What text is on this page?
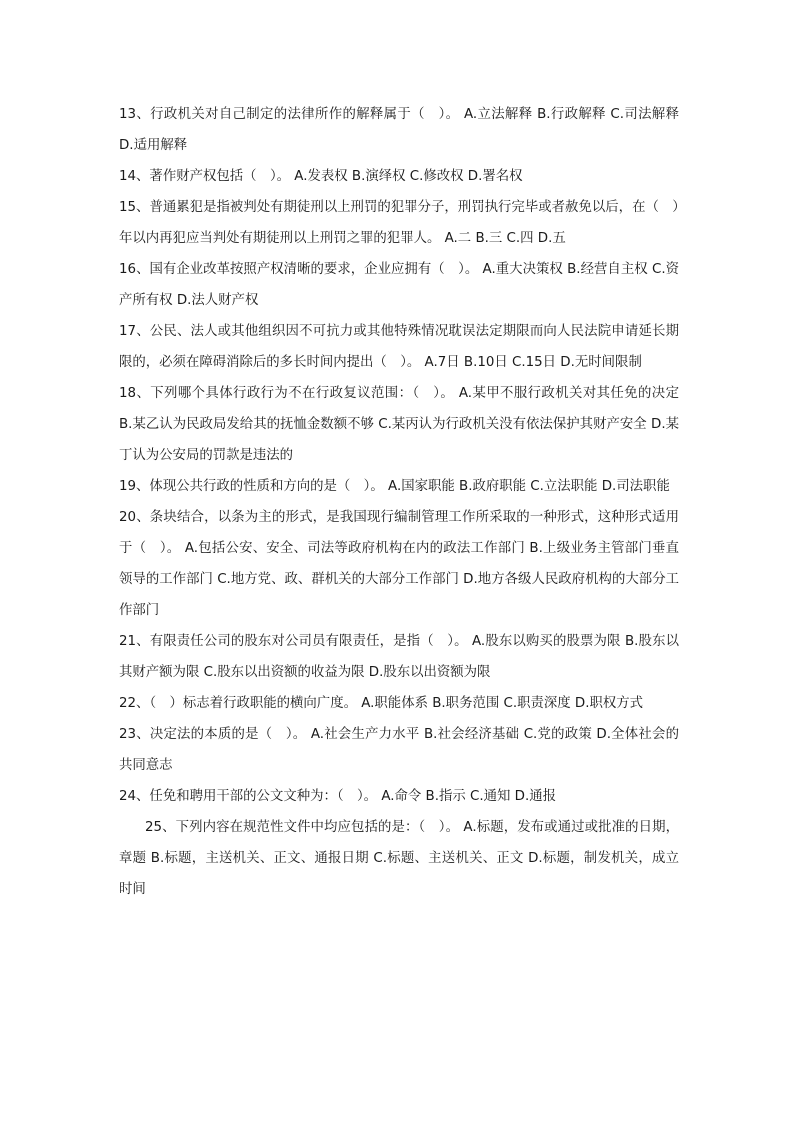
13、行政机关对自己制定的法律所作的解释属于（　）。 A.立法解释 B.行政解释 C.司法解释 D.适用解释

14、著作财产权包括（　）。 A.发表权 B.演绎权 C.修改权 D.署名权

15、普通累犯是指被判处有期徒刑以上刑罚的犯罪分子，刑罚执行完毕或者赦免以后，在（　）年以内再犯应当判处有期徒刑以上刑罚之罪的犯罪人。 A.二 B.三 C.四 D.五

16、国有企业改革按照产权清晰的要求，企业应拥有（　）。 A.重大决策权 B.经营自主权 C.资产所有权 D.法人财产权

17、公民、法人或其他组织因不可抗力或其他特殊情况耽误法定期限而向人民法院申请延长期限的，必须在障碍消除后的多长时间内提出（　）。 A.7日 B.10日 C.15日 D.无时间限制

18、下列哪个具体行政行为不在行政复议范围：（　）。 A.某甲不服行政机关对其任免的决定 B.某乙认为民政局发给其的抚恤金数额不够 C.某丙认为行政机关没有依法保护其财产安全 D.某丁认为公安局的罚款是违法的

19、体现公共行政的性质和方向的是（　）。 A.国家职能 B.政府职能 C.立法职能 D.司法职能

20、条块结合，以条为主的形式，是我国现行编制管理工作所采取的一种形式，这种形式适用于（　）。 A.包括公安、安全、司法等政府机构在内的政法工作部门 B.上级业务主管部门垂直领导的工作部门 C.地方党、政、群机关的大部分工作部门 D.地方各级人民政府机构的大部分工作部门

21、有限责任公司的股东对公司员有限责任，是指（　）。 A.股东以购买的股票为限 B.股东以其财产额为限 C.股东以出资额的收益为限 D.股东以出资额为限

22、（　）标志着行政职能的横向广度。 A.职能体系 B.职务范围 C.职责深度 D.职权方式

23、决定法的本质的是（　）。 A.社会生产力水平 B.社会经济基础 C.党的政策 D.全体社会的共同意志

24、任免和聘用干部的公文文种为：（　）。 A.命令 B.指示 C.通知 D.通报

25、下列内容在规范性文件中均应包括的是：（　）。 A.标题，发布或通过或批准的日期，章题 B.标题，主送机关、正文、通报日期 C.标题、主送机关、正文 D.标题，制发机关，成立时间
